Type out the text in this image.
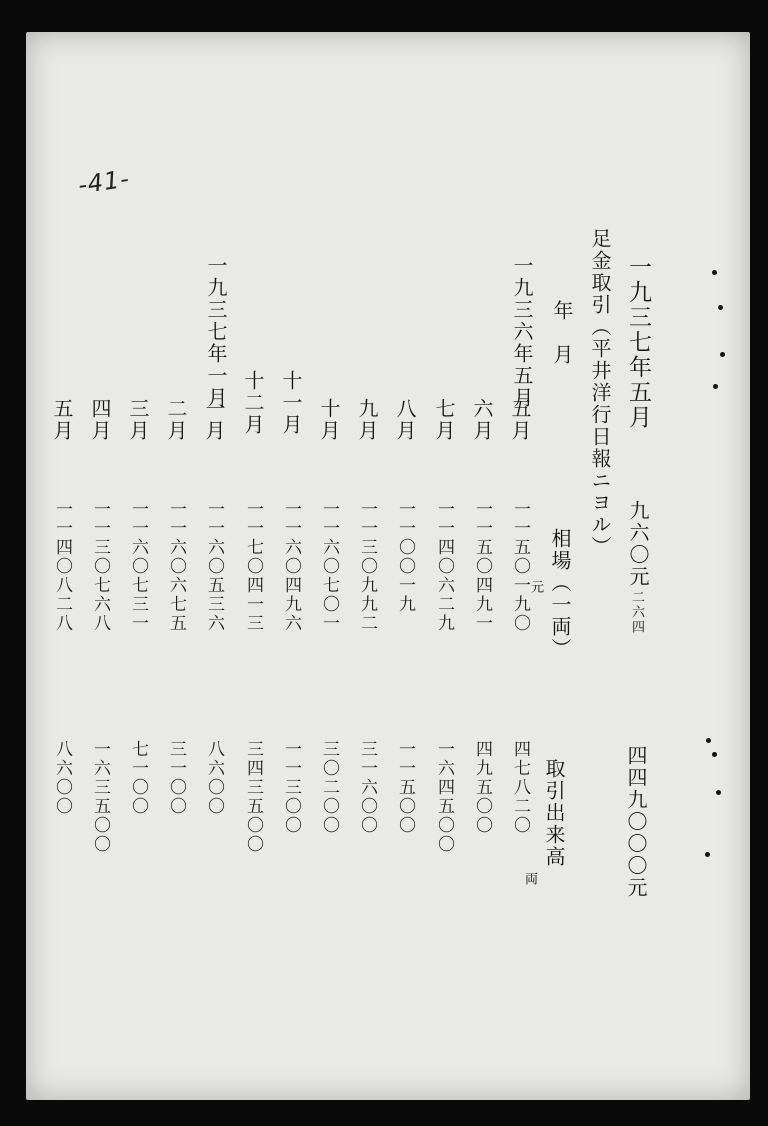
-41-
一九三七年五月
九六〇元
二六四
四四九〇〇〇元
足金取引（平井洋行日報ニヨル）
年　月
相場（一両）
元
取引出来高
両
一九三六年五月
一九三七年一月
五月
一一五〇一九〇
四七八二〇
六月
一一五〇四九一
四九五〇〇
七月
一一四〇六二九
一六四五〇〇
八月
一一〇〇一九
一一五〇〇
九月
一一三〇九九二
三一六〇〇
十月
一一六〇七〇一
三〇二〇〇
十一月
一一六〇四九六
一一三〇〇
十二月
一一七〇四一三
三四三五〇〇
一月
一一六〇五三六
八六〇〇
二月
一一六〇六七五
三一〇〇
三月
一一六〇七三一
七一〇〇
四月
一一三〇七六八
一六三五〇〇
五月
一一四〇八二八
八六〇〇
